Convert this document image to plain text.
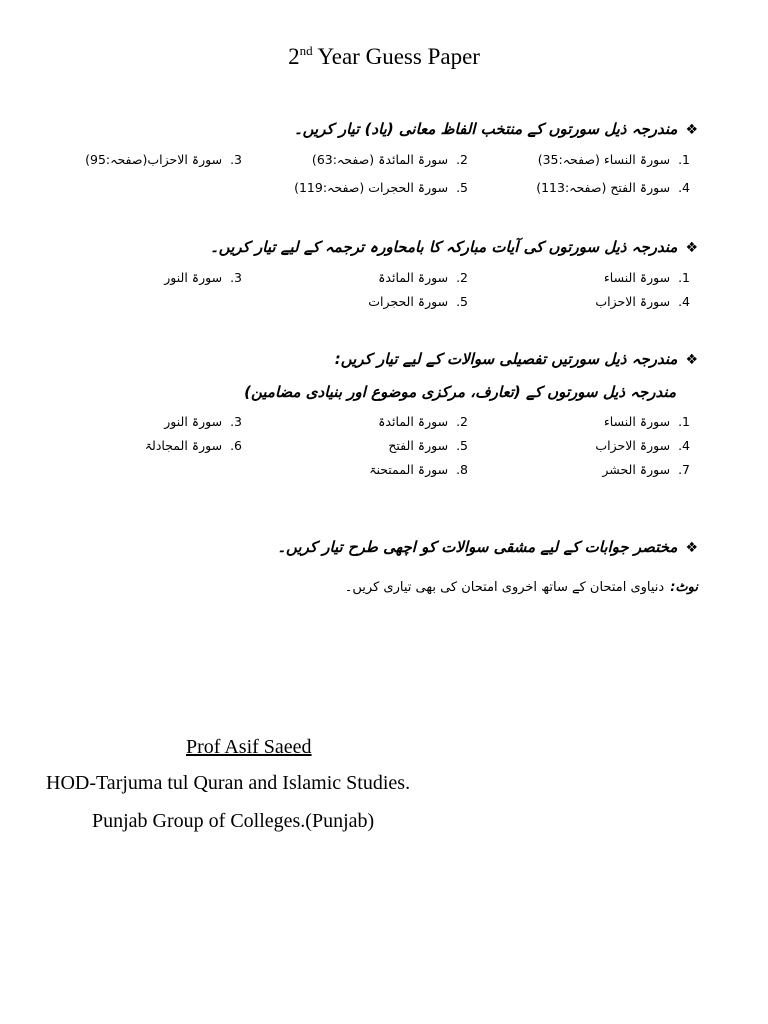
2nd Year Guess Paper
❖مندرجہ ذیل سورتوں کے منتخب الفاظ معانی (یاد) تیار کریں۔
1.سورۃ النساء (صفحہ:35)
2.سورۃ المائدۃ (صفحہ:63)
3.سورۃ الاحزاب(صفحہ:95)
4.سورۃ الفتح (صفحہ:113)
5.سورۃ الحجرات (صفحہ:119)
❖مندرجہ ذیل سورتوں کی آیات مبارکہ کا بامحاورہ ترجمہ کے لیے تیار کریں۔
1.سورۃ النساء
2.سورۃ المائدۃ
3.سورۃ النور
4.سورۃ الاحزاب
5.سورۃ الحجرات
❖مندرجہ ذیل سورتیں تفصیلی سوالات کے لیے تیار کریں:
مندرجہ ذیل سورتوں کے (تعارف، مرکزی موضوع اور بنیادی مضامین)
1.سورۃ النساء
2.سورۃ المائدۃ
3.سورۃ النور
4.سورۃ الاحزاب
5.سورۃ الفتح
6.سورۃ المجادلۃ
7.سورۃ الحشر
8.سورۃ الممتحنۃ
❖مختصر جوابات کے لیے مشقی سوالات کو اچھی طرح تیار کریں۔
نوٹ:دنیاوی امتحان کے ساتھ اخروی امتحان کی بھی تیاری کریں۔
Prof Asif Saeed
HOD-Tarjuma tul Quran and Islamic Studies.
Punjab Group of Colleges.(Punjab)
